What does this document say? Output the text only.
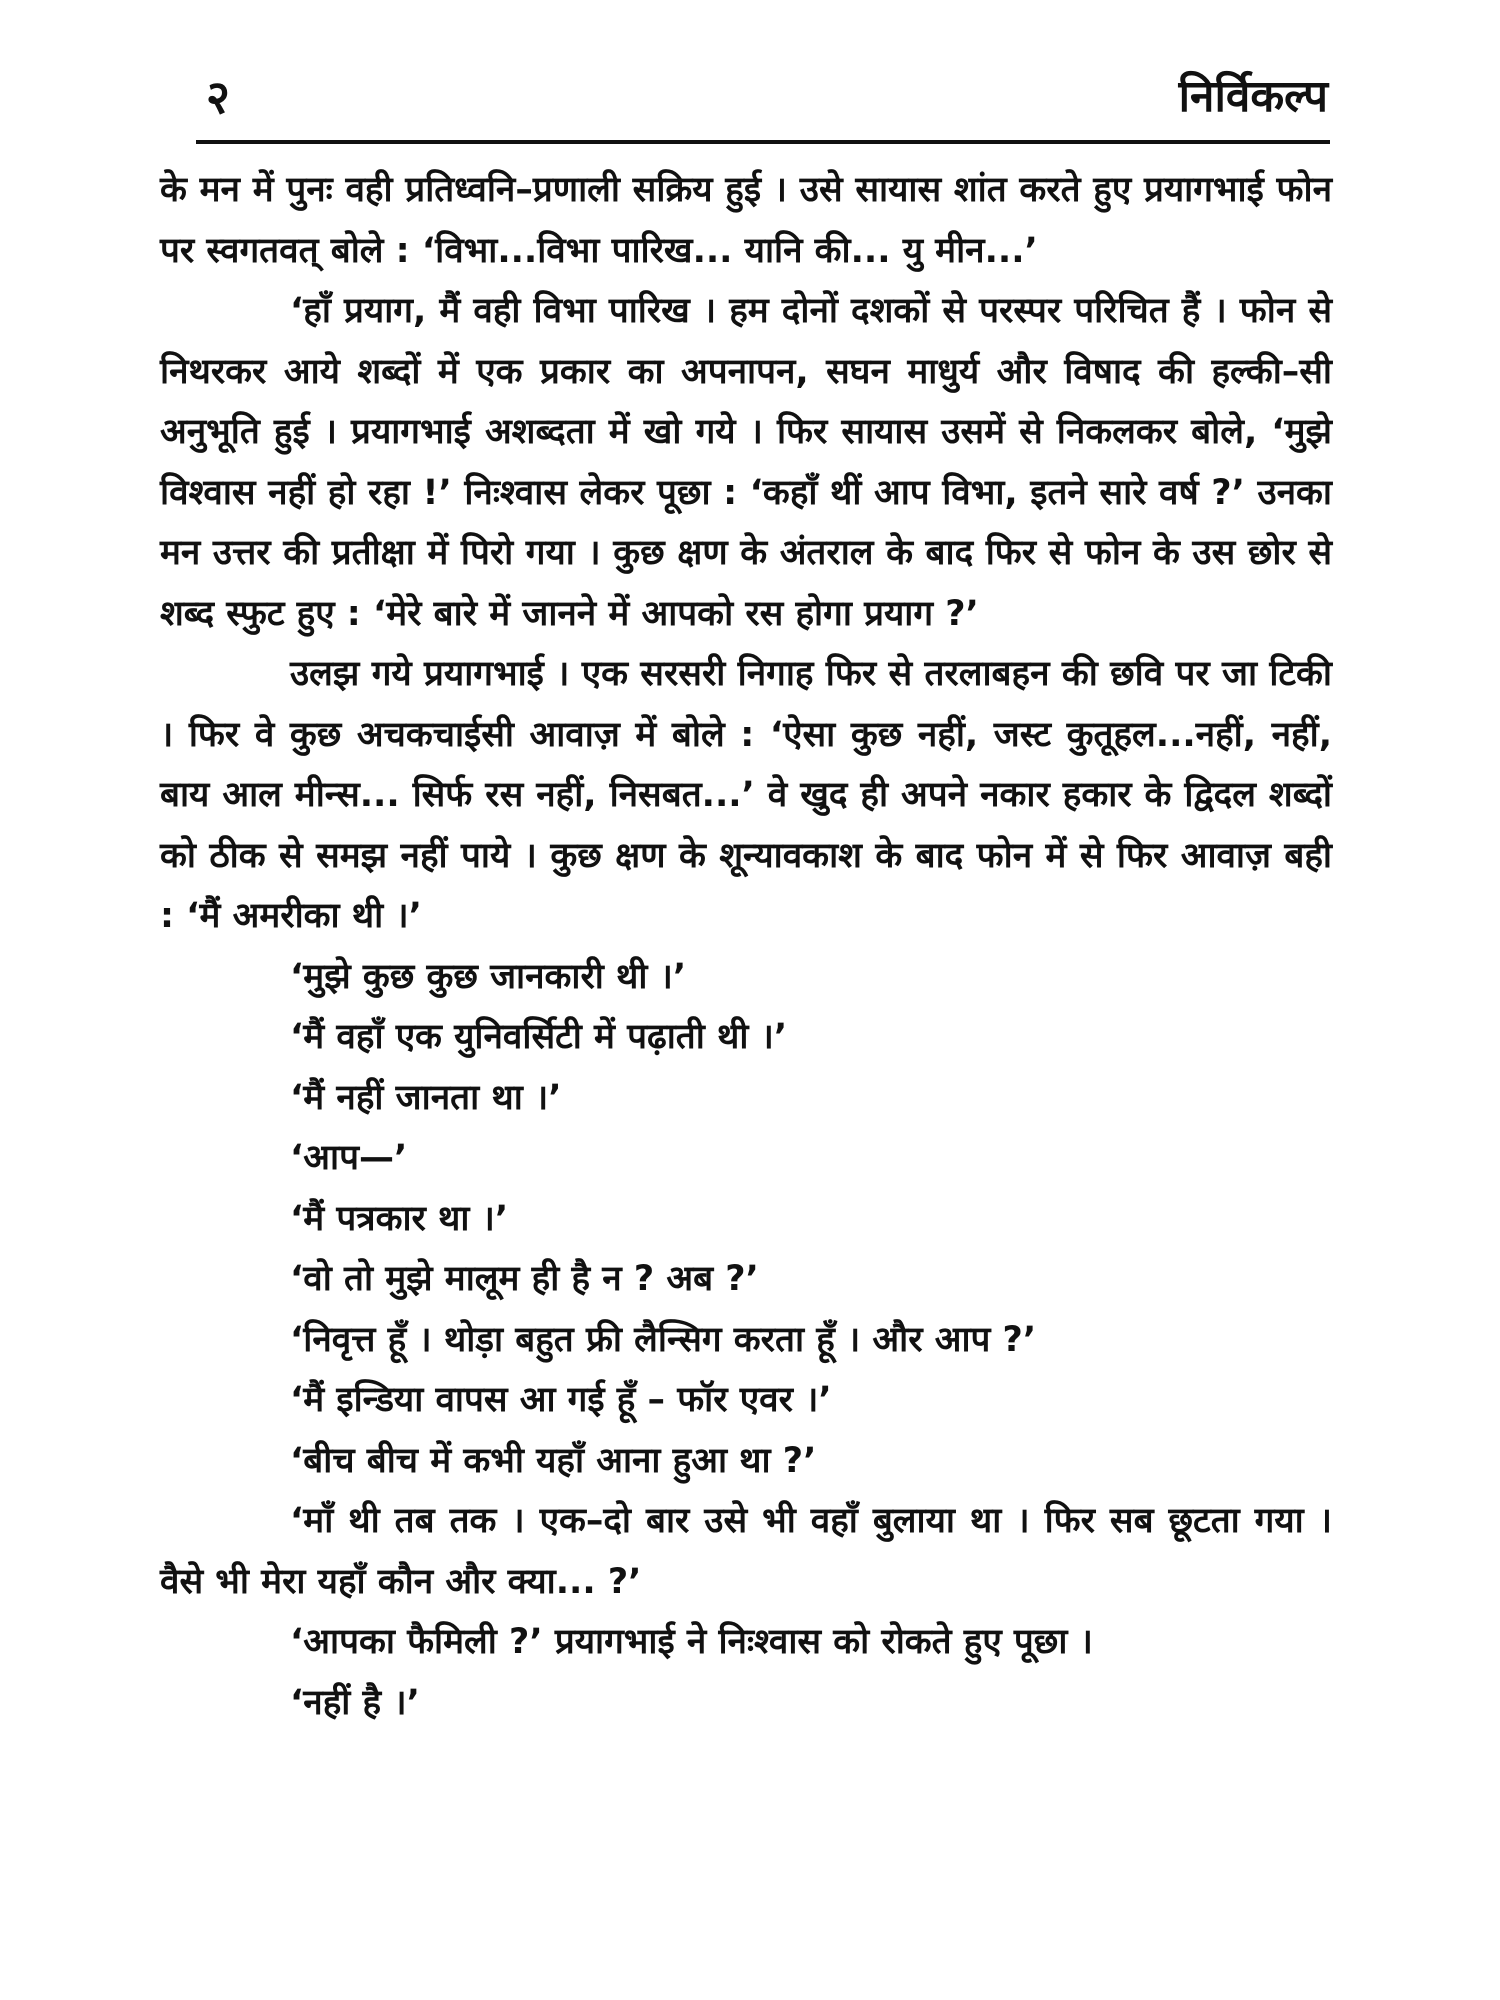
२	निर्विकल्प

के मन में पुनः वही प्रतिध्वनि–प्रणाली सक्रिय हुई । उसे सायास शांत करते हुए प्रयागभाई फोन पर स्वगतवत् बोले : ‘विभा...विभा पारिख... यानि की... यु मीन...’

‘हाँ प्रयाग, मैं वही विभा पारिख । हम दोनों दशकों से परस्पर परिचित हैं । फोन से निथरकर आये शब्दों में एक प्रकार का अपनापन, सघन माधुर्य और विषाद की हल्की–सी अनुभूति हुई । प्रयागभाई अशब्दता में खो गये । फिर सायास उसमें से निकलकर बोले, ‘मुझे विश्वास नहीं हो रहा !’ निःश्वास लेकर पूछा : ‘कहाँ थीं आप विभा, इतने सारे वर्ष ?’ उनका मन उत्तर की प्रतीक्षा में पिरो गया । कुछ क्षण के अंतराल के बाद फिर से फोन के उस छोर से शब्द स्फुट हुए : ‘मेरे बारे में जानने में आपको रस होगा प्रयाग ?’

उलझ गये प्रयागभाई । एक सरसरी निगाह फिर से तरलाबहन की छवि पर जा टिकी । फिर वे कुछ अचकचाईसी आवाज़ में बोले : ‘ऐसा कुछ नहीं, जस्ट कुतूहल...नहीं, नहीं, बाय आल मीन्स... सिर्फ रस नहीं, निसबत...’ वे खुद ही अपने नकार हकार के द्विदल शब्दों को ठीक से समझ नहीं पाये । कुछ क्षण के शून्यावकाश के बाद फोन में से फिर आवाज़ बही : ‘मैं अमरीका थी ।’

‘मुझे कुछ कुछ जानकारी थी ।’

‘मैं वहाँ एक युनिवर्सिटी में पढ़ाती थी ।’

‘मैं नहीं जानता था ।’

‘आप—’

‘मैं पत्रकार था ।’

‘वो तो मुझे मालूम ही है न ? अब ?’

‘निवृत्त हूँ । थोड़ा बहुत फ्री लैन्सिग करता हूँ । और आप ?’

‘मैं इन्डिया वापस आ गई हूँ – फॉर एवर ।’

‘बीच बीच में कभी यहाँ आना हुआ था ?’

‘माँ थी तब तक । एक–दो बार उसे भी वहाँ बुलाया था । फिर सब छूटता गया । वैसे भी मेरा यहाँ कौन और क्या... ?’

‘आपका फैमिली ?’ प्रयागभाई ने निःश्वास को रोकते हुए पूछा ।

‘नहीं है ।’
